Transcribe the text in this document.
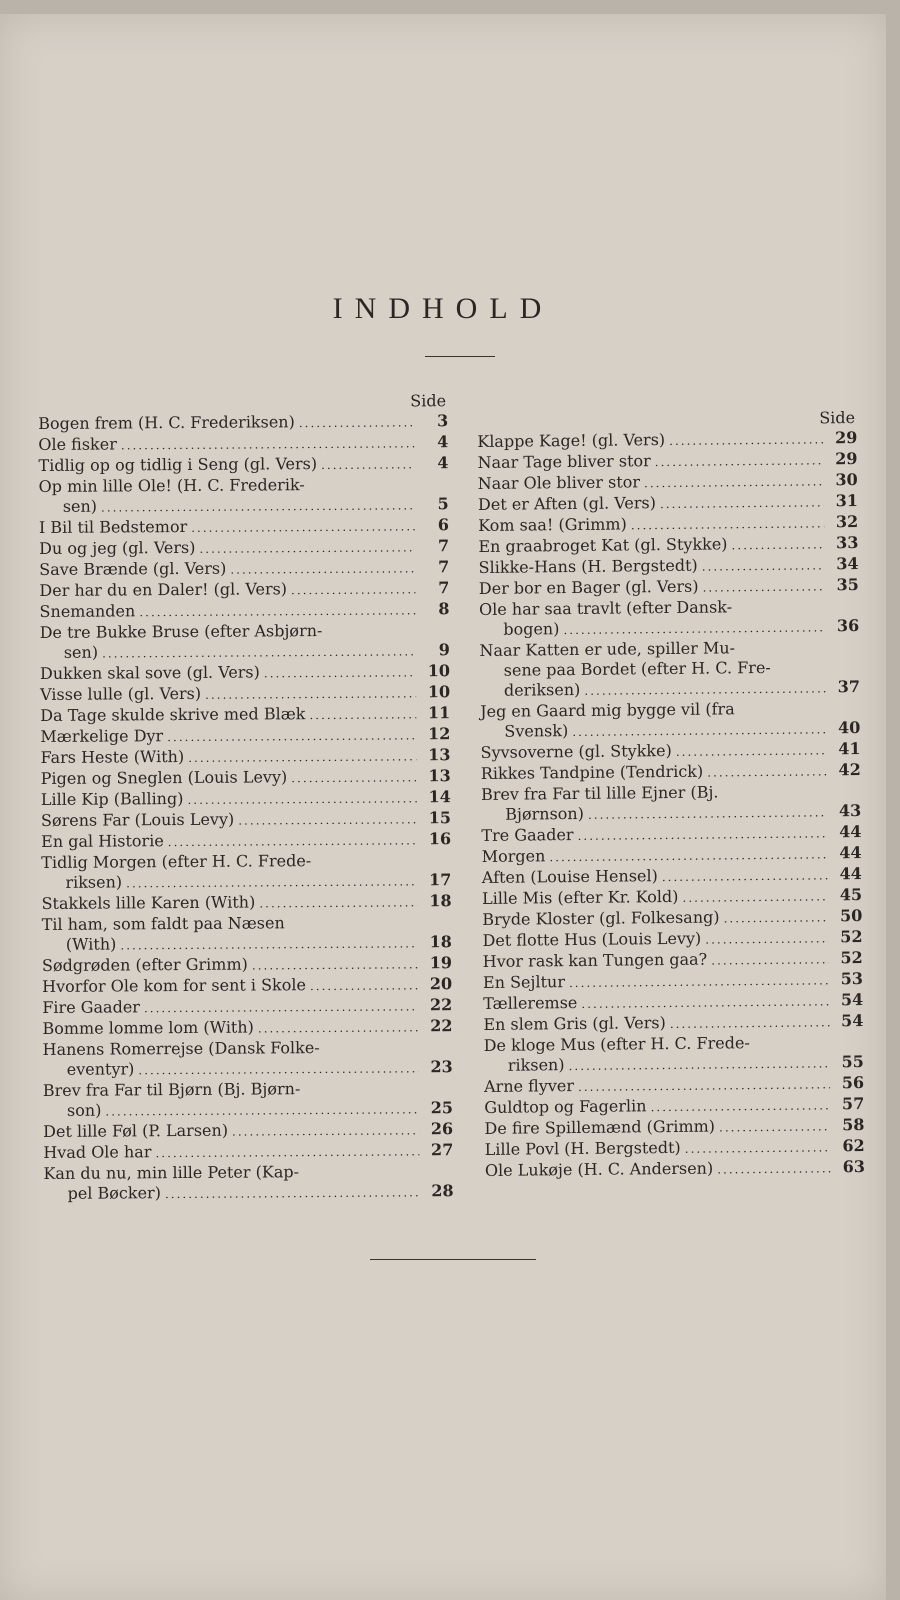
INDHOLD
Side
Bogen frem (H. C. Frederiksen) .....	3
Ole fisker .....	4
Tidlig op og tidlig i Seng (gl. Vers) .....	4
Op min lille Ole! (H. C. Frederik-
sen) .....	5
I Bil til Bedstemor .....	6
Du og jeg (gl. Vers) .....	7
Save Brænde (gl. Vers) .....	7
Der har du en Daler! (gl. Vers) .....	7
Snemanden .....	8
De tre Bukke Bruse (efter Asbjørn-
sen) .....	9
Dukken skal sove (gl. Vers) .....	10
Visse lulle (gl. Vers) .....	10
Da Tage skulde skrive med Blæk .....	11
Mærkelige Dyr .....	12
Fars Heste (With) .....	13
Pigen og Sneglen (Louis Levy) .....	13
Lille Kip (Balling) .....	14
Sørens Far (Louis Levy) .....	15
En gal Historie .....	16
Tidlig Morgen (efter H. C. Frede-
riksen) .....	17
Stakkels lille Karen (With) .....	18
Til ham, som faldt paa Næsen
(With) .....	18
Sødgrøden (efter Grimm) .....	19
Hvorfor Ole kom for sent i Skole .....	20
Fire Gaader .....	22
Bomme lomme lom (With) .....	22
Hanens Romerrejse (Dansk Folke-
eventyr) .....	23
Brev fra Far til Bjørn (Bj. Bjørn-
son) .....	25
Det lille Føl (P. Larsen) .....	26
Hvad Ole har .....	27
Kan du nu, min lille Peter (Kap-
pel Bøcker) .....	28
Side
Klappe Kage! (gl. Vers) .....	29
Naar Tage bliver stor .....	29
Naar Ole bliver stor .....	30
Det er Aften (gl. Vers) .....	31
Kom saa! (Grimm) .....	32
En graabroget Kat (gl. Stykke) .....	33
Slikke-Hans (H. Bergstedt) .....	34
Der bor en Bager (gl. Vers) .....	35
Ole har saa travlt (efter Dansk-
bogen) .....	36
Naar Katten er ude, spiller Mu-
sene paa Bordet (efter H. C. Fre-
deriksen) .....	37
Jeg en Gaard mig bygge vil (fra
Svensk) .....	40
Syvsoverne (gl. Stykke) .....	41
Rikkes Tandpine (Tendrick) .....	42
Brev fra Far til lille Ejner (Bj.
Bjørnson) .....	43
Tre Gaader .....	44
Morgen .....	44
Aften (Louise Hensel) .....	44
Lille Mis (efter Kr. Kold) .....	45
Bryde Kloster (gl. Folkesang) .....	50
Det flotte Hus (Louis Levy) .....	52
Hvor rask kan Tungen gaa? .....	52
En Sejltur .....	53
Tælleremse .....	54
En slem Gris (gl. Vers) .....	54
De kloge Mus (efter H. C. Frede-
riksen) .....	55
Arne flyver .....	56
Guldtop og Fagerlin .....	57
De fire Spillemænd (Grimm) .....	58
Lille Povl (H. Bergstedt) .....	62
Ole Lukøje (H. C. Andersen) .....	63
